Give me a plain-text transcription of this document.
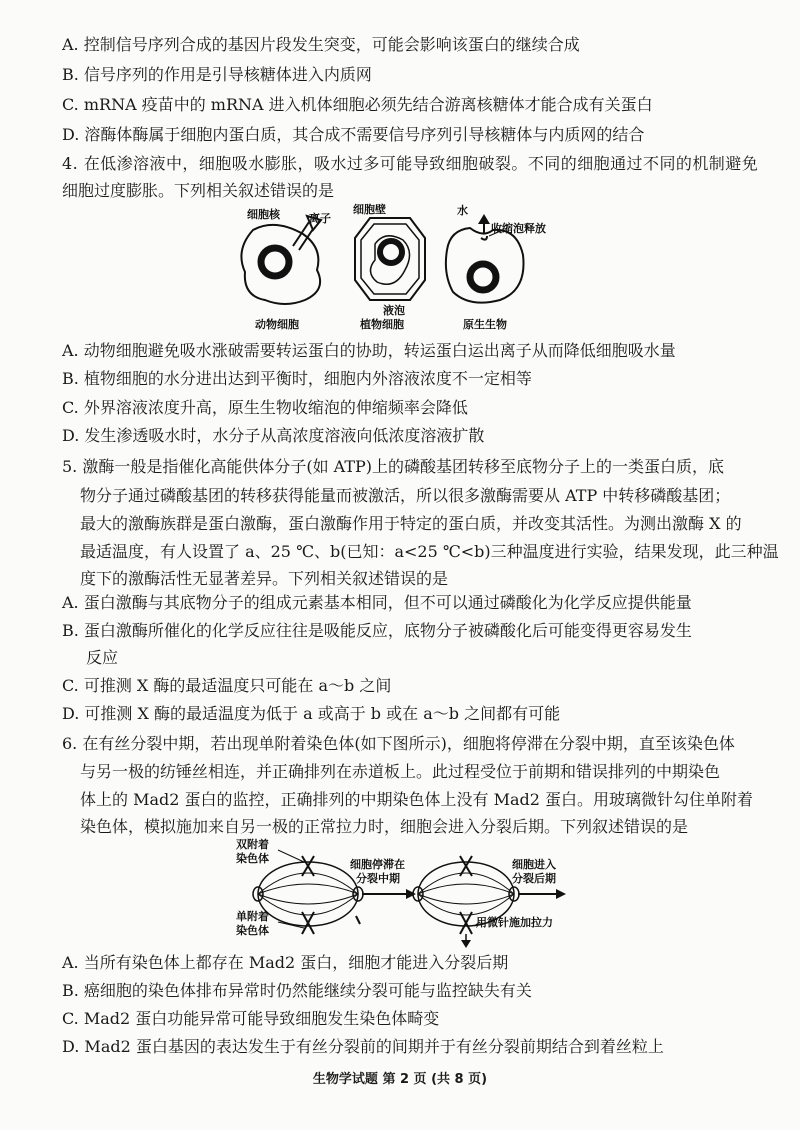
A. 控制信号序列合成的基因片段发生突变，可能会影响该蛋白的继续合成
B. 信号序列的作用是引导核糖体进入内质网
C. mRNA 疫苗中的 mRNA 进入机体细胞必须先结合游离核糖体才能合成有关蛋白
D. 溶酶体酶属于细胞内蛋白质，其合成不需要信号序列引导核糖体与内质网的结合
4. 在低渗溶液中，细胞吸水膨胀，吸水过多可能导致细胞破裂。不同的细胞通过不同的机制避免
细胞过度膨胀。下列相关叙述错误的是
细胞核	离子
动物细胞
细胞壁
液泡
植物细胞
水
收缩泡释放
原生生物
A. 动物细胞避免吸水涨破需要转运蛋白的协助，转运蛋白运出离子从而降低细胞吸水量
B. 植物细胞的水分进出达到平衡时，细胞内外溶液浓度不一定相等
C. 外界溶液浓度升高，原生生物收缩泡的伸缩频率会降低
D. 发生渗透吸水时，水分子从高浓度溶液向低浓度溶液扩散
5. 激酶一般是指催化高能供体分子(如 ATP)上的磷酸基团转移至底物分子上的一类蛋白质，底
物分子通过磷酸基团的转移获得能量而被激活，所以很多激酶需要从 ATP 中转移磷酸基团；
最大的激酶族群是蛋白激酶，蛋白激酶作用于特定的蛋白质，并改变其活性。为测出激酶 X 的
最适温度，有人设置了 a、25 ℃、b(已知：a<25 ℃<b)三种温度进行实验，结果发现，此三种温
度下的激酶活性无显著差异。下列相关叙述错误的是
A. 蛋白激酶与其底物分子的组成元素基本相同，但不可以通过磷酸化为化学反应提供能量
B. 蛋白激酶所催化的化学反应往往是吸能反应，底物分子被磷酸化后可能变得更容易发生
反应
C. 可推测 X 酶的最适温度只可能在 a～b 之间
D. 可推测 X 酶的最适温度为低于 a 或高于 b 或在 a～b 之间都有可能
6. 在有丝分裂中期，若出现单附着染色体(如下图所示)，细胞将停滞在分裂中期，直至该染色体
与另一极的纺锤丝相连，并正确排列在赤道板上。此过程受位于前期和错误排列的中期染色
体上的 Mad2 蛋白的监控，正确排列的中期染色体上没有 Mad2 蛋白。用玻璃微针勾住单附着
染色体，模拟施加来自另一极的正常拉力时，细胞会进入分裂后期。下列叙述错误的是
双附着
染色体
单附着
染色体
细胞停滞在
分裂中期
用微针施加拉力
细胞进入
分裂后期
A. 当所有染色体上都存在 Mad2 蛋白，细胞才能进入分裂后期
B. 癌细胞的染色体排布异常时仍然能继续分裂可能与监控缺失有关
C. Mad2 蛋白功能异常可能导致细胞发生染色体畸变
D. Mad2 蛋白基因的表达发生于有丝分裂前的间期并于有丝分裂前期结合到着丝粒上
生物学试题 第 2 页 (共 8 页)
